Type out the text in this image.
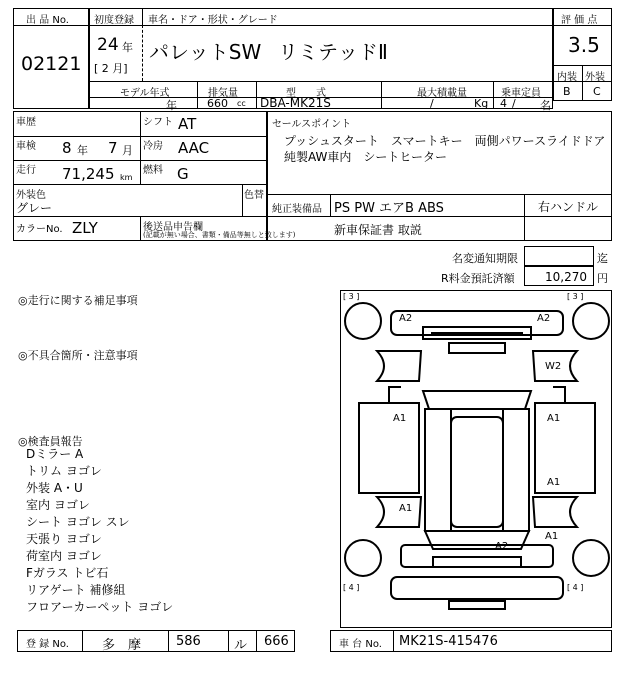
出 品 No.
02121
初度登録 車名・ドア・形状・グレード
24 年
[ 2 月]
パレットSW リミテッドⅡ
モデル年式	排気量	型　　式	最大積載量	乗車定員
年	660 cc DBA-MK21S	/	Kg 4 / 名
評 価 点
3.5
内装 外装
B C
車歴	シフト AT
車検 8 年 7 月 冷房 AAC
走行 71,245 km
燃料 G
外装色
グレー
色替
カラーNo. ZLY	後送品申告欄
(記載が無い場合、書類・備品等無しと致します)
セールスポイント
プッシュスタート　スマートキー　両側パワースライドドア
純製AW車内　シートヒーター
純正装備品 PS PW エアB ABS	右ハンドル
新車保証書 取説
名変通知期限	迄
R料金預託済額	10,270 円
◎走行に関する補足事項
◎不具合箇所・注意事項
◎検査員報告
Dミラー A
トリム ヨゴレ
外装 A・U
室内 ヨゴレ
シート ヨゴレ スレ
天張り ヨゴレ
荷室内 ヨゴレ
Fガラス トビ石
リアゲート 補修組
フロアーカーペット ヨゴレ
[ 3 ]	[ 3 ]
[ 4 ]	[ 4 ]
A2	A2
W2
A1	A1
A1
A1
A1
A2
登 録 No.	多　摩	586	ル 666	車 台 No. MK21S-415476
